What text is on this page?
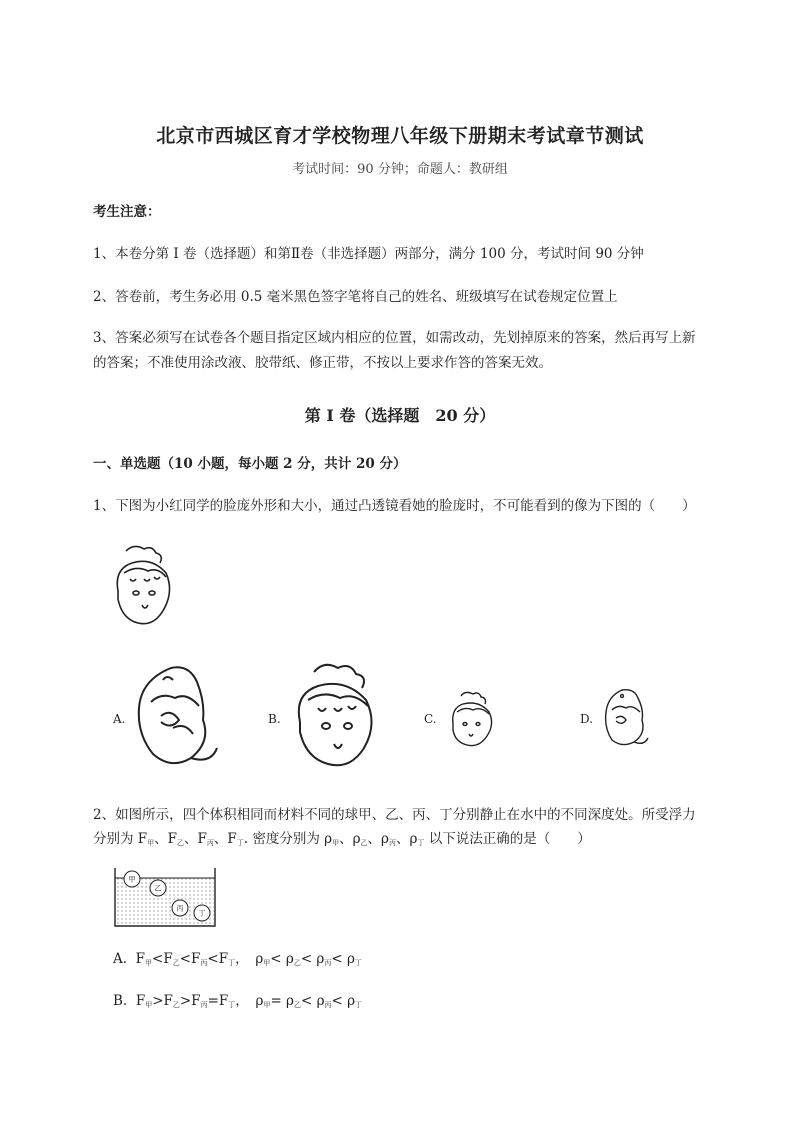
北京市西城区育才学校物理八年级下册期末考试章节测试
考试时间：90 分钟；命题人：教研组
考生注意：
1、本卷分第 I 卷（选择题）和第Ⅱ卷（非选择题）两部分，满分 100 分，考试时间 90 分钟
2、答卷前，考生务必用 0.5 毫米黑色签字笔将自己的姓名、班级填写在试卷规定位置上
3、答案必须写在试卷各个题目指定区域内相应的位置，如需改动，先划掉原来的答案，然后再写上新
的答案；不准使用涂改液、胶带纸、修正带，不按以上要求作答的答案无效。
第 I 卷（选择题　20 分）
一、单选题（10 小题，每小题 2 分，共计 20 分）
1、下图为小红同学的脸庞外形和大小，通过凸透镜看她的脸庞时，不可能看到的像为下图的（　　）
A.	B.	C.	D.
2、如图所示，四个体积相同而材料不同的球甲、乙、丙、丁分别静止在水中的不同深度处。所受浮力
分别为 $F_甲$、$F_乙$、$F_丙$、$F_丁$. 密度分别为 $\rho_甲$、$\rho_乙$、$\rho_丙$、$\rho_丁$ 以下说法正确的是（　　）
甲
乙
丙
丁
A. $F_甲<F_乙<F_丙<F_丁$，　$\rho_甲< \rho_乙< \rho_丙< \rho_丁$
B. $F_甲>F_乙>F_丙=F_丁$，　$\rho_甲= \rho_乙< \rho_丙< \rho_丁$
